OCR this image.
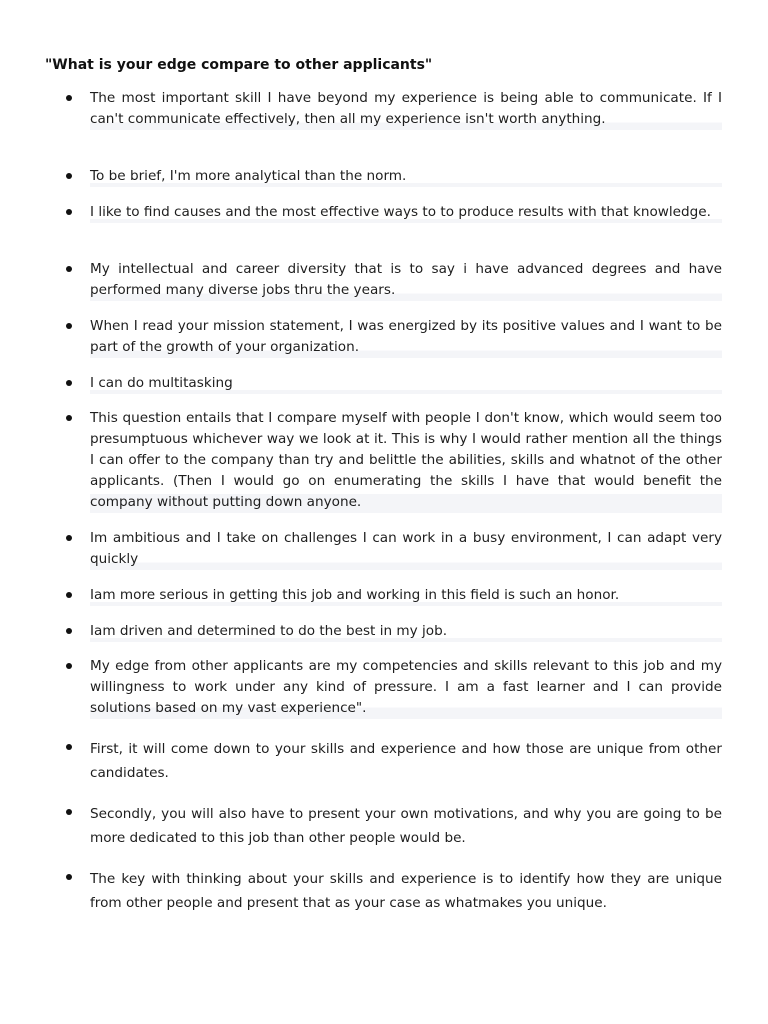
"What is your edge compare to other applicants"
The most important skill I have beyond my experience is being able to communicate. If I can't communicate effectively, then all my experience isn't worth anything.
To be brief, I'm more analytical than the norm.
I like to find causes and the most effective ways to to produce results with that knowledge.
My intellectual and career diversity that is to say i have advanced degrees and have performed many diverse jobs thru the years.
When I read your mission statement, I was energized by its positive values and I want to be part of the growth of your organization.
I can do multitasking
This question entails that I compare myself with people I don't know, which would seem too presumptuous whichever way we look at it. This is why I would rather mention all the things I can offer to the company than try and belittle the abilities, skills and whatnot of the other applicants. (Then I would go on enumerating the skills I have that would benefit the company without putting down anyone.
Im ambitious and I take on challenges I can work in a busy environment, I can adapt very quickly
Iam more serious in getting this job and working in this field is such an honor.
Iam driven and determined to do the best in my job.
My edge from other applicants are my competencies and skills relevant to this job and my willingness to work under any kind of pressure. I am a fast learner and I can provide solutions based on my vast experience".
First, it will come down to your skills and experience and how those are unique from other candidates.
Secondly, you will also have to present your own motivations, and why you are going to be more dedicated to this job than other people would be.
The key with thinking about your skills and experience is to identify how they are unique from other people and present that as your case as whatmakes you unique.
